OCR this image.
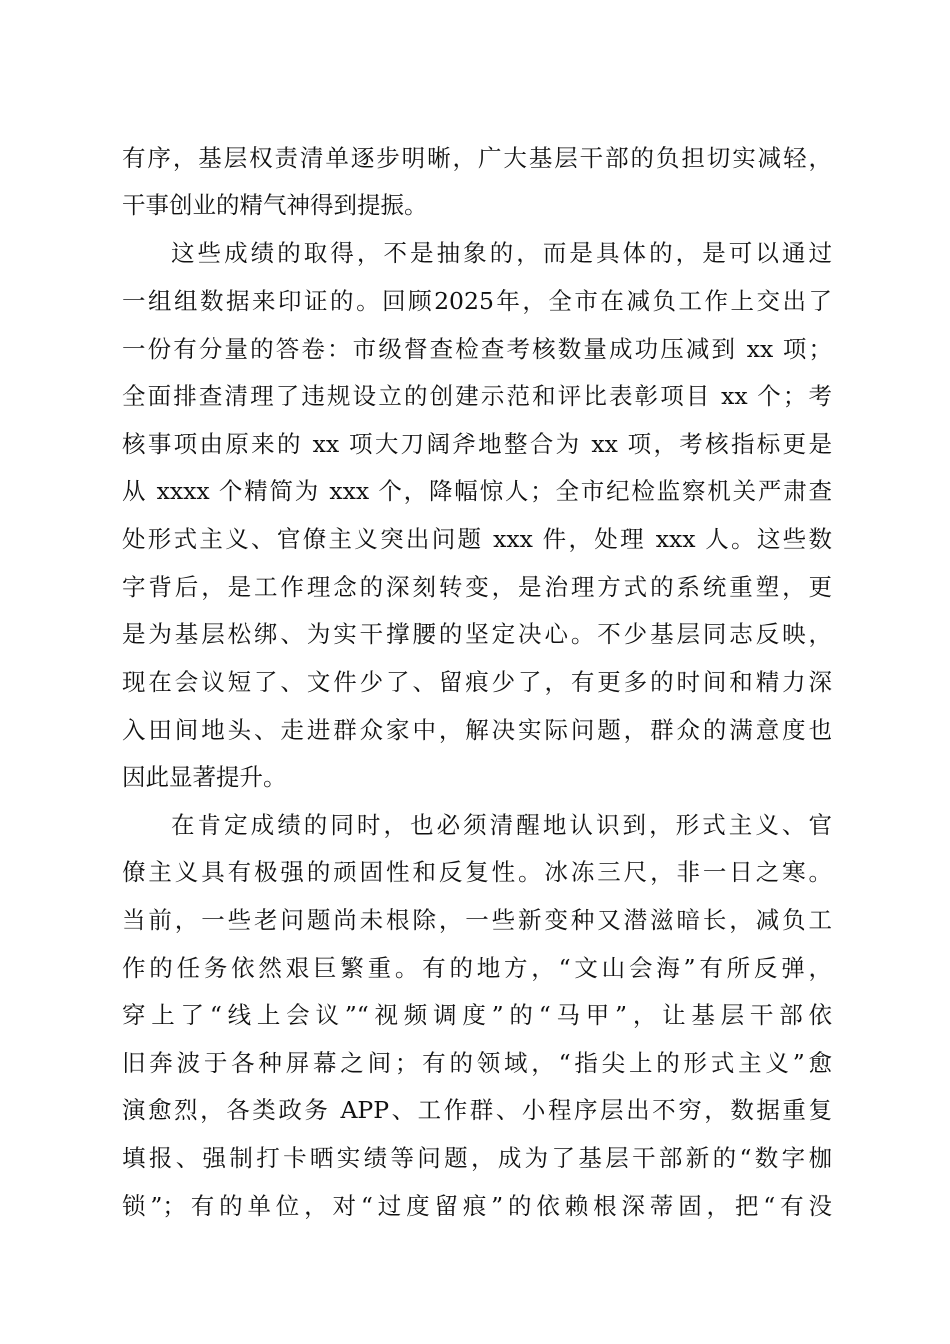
有序，基层权责清单逐步明晰，广大基层干部的负担切实减轻，
干事创业的精气神得到提振。
这些成绩的取得，不是抽象的，而是具体的，是可以通过
一组组数据来印证的。回顾2025年，全市在减负工作上交出了
一份有分量的答卷：市级督查检查考核数量成功压减到 xx 项；
全面排查清理了违规设立的创建示范和评比表彰项目 xx 个；考
核事项由原来的 xx 项大刀阔斧地整合为 xx 项，考核指标更是
从 xxxx 个精简为 xxx 个，降幅惊人；全市纪检监察机关严肃查
处形式主义、官僚主义突出问题 xxx 件，处理 xxx 人。这些数
字背后，是工作理念的深刻转变，是治理方式的系统重塑，更
是为基层松绑、为实干撑腰的坚定决心。不少基层同志反映，
现在会议短了、文件少了、留痕少了，有更多的时间和精力深
入田间地头、走进群众家中，解决实际问题，群众的满意度也
因此显著提升。
在肯定成绩的同时，也必须清醒地认识到，形式主义、官
僚主义具有极强的顽固性和反复性。冰冻三尺，非一日之寒。
当前，一些老问题尚未根除，一些新变种又潜滋暗长，减负工
作的任务依然艰巨繁重。有的地方，“文山会海”有所反弹，
穿上了“线上会议”“视频调度”的“马甲”，让基层干部依
旧奔波于各种屏幕之间；有的领域，“指尖上的形式主义”愈
演愈烈，各类政务 APP、工作群、小程序层出不穷，数据重复
填报、强制打卡晒实绩等问题，成为了基层干部新的“数字枷
锁”；有的单位，对“过度留痕”的依赖根深蒂固，把“有没
